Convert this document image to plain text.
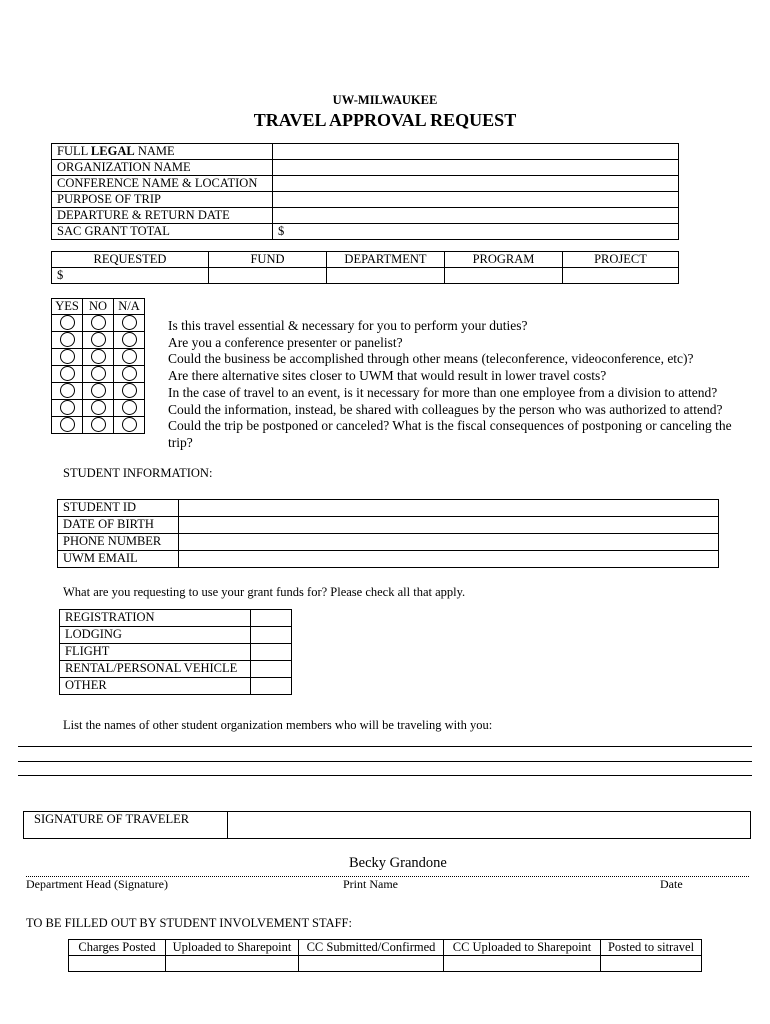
UW-MILWAUKEE
TRAVEL APPROVAL REQUEST
FULL LEGAL NAME	
ORGANIZATION NAME	
CONFERENCE NAME & LOCATION	
PURPOSE OF TRIP	
DEPARTURE & RETURN DATE	
SAC GRANT TOTAL	$
REQUESTED	FUND	DEPARTMENT	PROGRAM	PROJECT
$				
YES	NO	N/A

Is this travel essential & necessary for you to perform your duties?
Are you a conference presenter or panelist?
Could the business be accomplished through other means (teleconference, videoconference, etc)?
Are there alternative sites closer to UWM that would result in lower travel costs?
In the case of travel to an event, is it necessary for more than one employee from a division to attend?
Could the information, instead, be shared with colleagues by the person who was authorized to attend?
Could the trip be postponed or canceled? What is the fiscal consequences of postponing or canceling the
trip?
STUDENT INFORMATION:
STUDENT ID	
DATE OF BIRTH	
PHONE NUMBER	
UWM EMAIL	
What are you requesting to use your grant funds for? Please check all that apply.
REGISTRATION	
LODGING	
FLIGHT	
RENTAL/PERSONAL VEHICLE	
OTHER	
List the names of other student organization members who will be traveling with you:
SIGNATURE OF TRAVELER	
Becky Grandone
Department Head (Signature)	Print Name	Date
TO BE FILLED OUT BY STUDENT INVOLVEMENT STAFF:
Charges Posted	Uploaded to Sharepoint	CC Submitted/Confirmed	CC Uploaded to Sharepoint	Posted to sitravel
